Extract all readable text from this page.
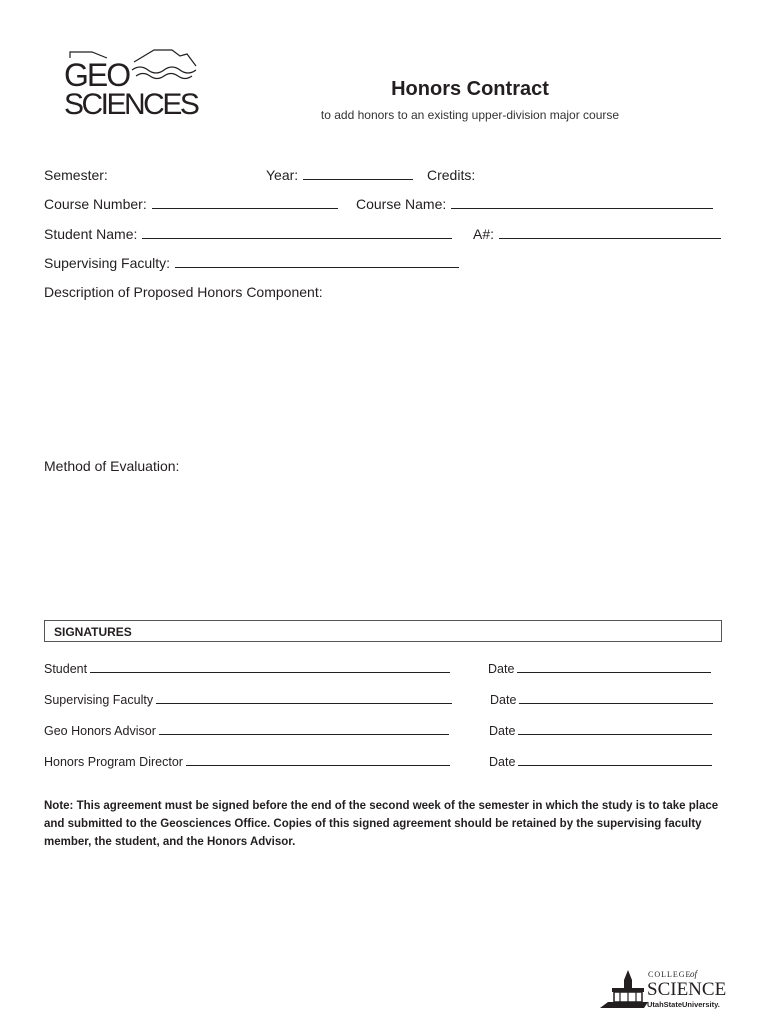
GEO
SCIENCES	Honors Contract
to add honors to an existing upper-division major course
Semester:	Year:	Credits:
Course Number:	Course Name:
Student Name:	A#:
Supervising Faculty:
Description of Proposed Honors Component:
Method of Evaluation:
SIGNATURES
Student	Date
Supervising Faculty	Date
Geo Honors Advisor	Date
Honors Program Director	Date
Note: This agreement must be signed before the end of the second week of the semester in which the study is to take place and submitted to the Geosciences Office. Copies of this signed agreement should be retained by the supervising faculty member, the student, and the Honors Advisor.
COLLEGE
of
SCIENCE
UtahStateUniversity.
